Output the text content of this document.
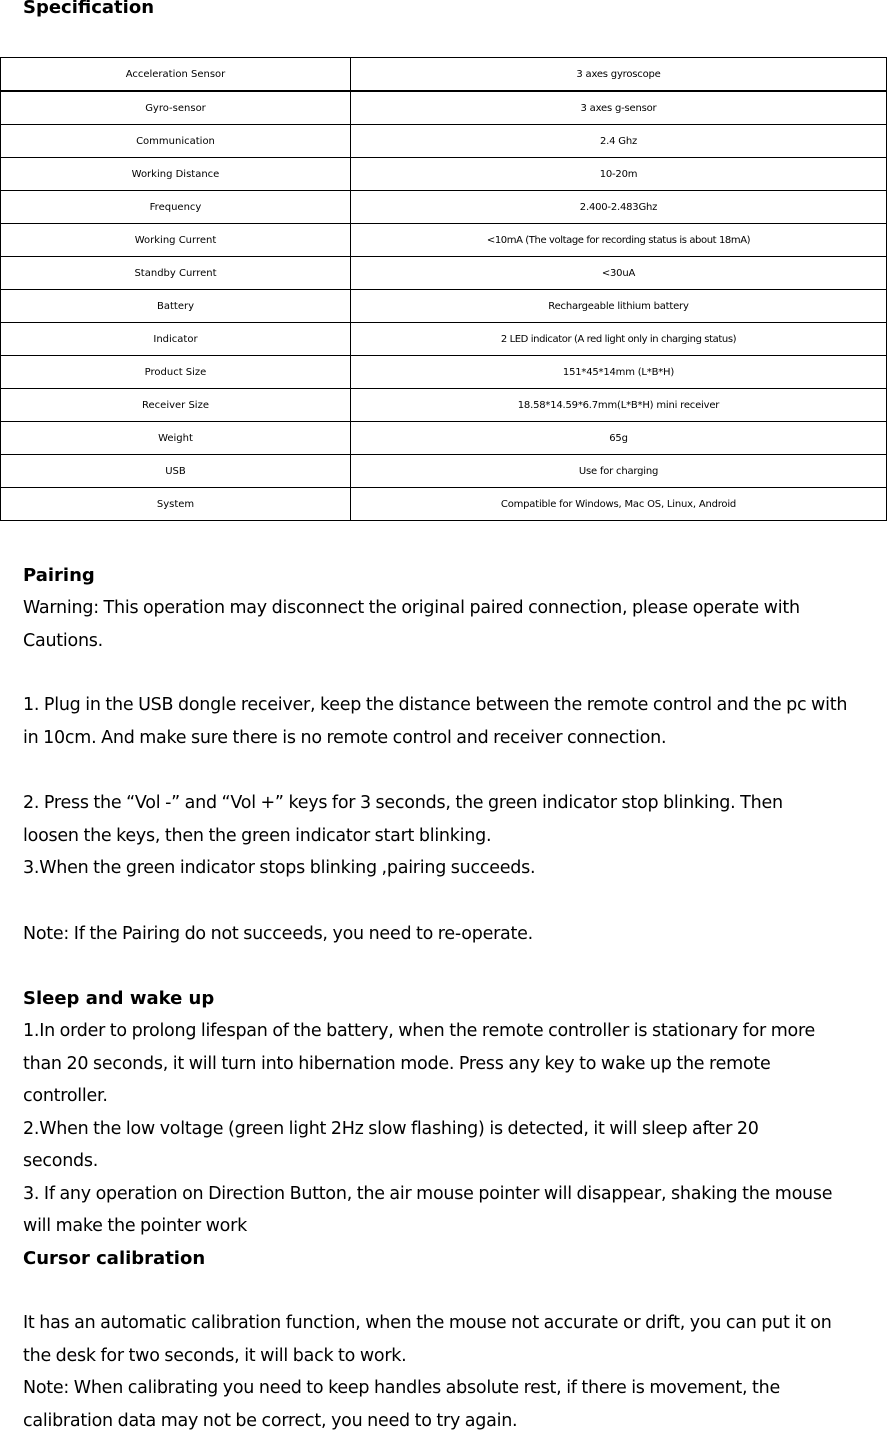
Specification
Acceleration Sensor	3 axes gyroscope
Gyro-sensor	3 axes g-sensor
Communication	2.4 Ghz
Working Distance	10-20m
Frequency	2.400-2.483Ghz
Working Current	<10mA (The voltage for recording status is about 18mA)
Standby Current	<30uA
Battery	Rechargeable lithium battery
Indicator	2 LED indicator (A red light only in charging status)
Product Size	151*45*14mm (L*B*H)
Receiver Size	18.58*14.59*6.7mm(L*B*H) mini receiver
Weight	65g
USB	Use for charging
System	Compatible for Windows, Mac OS, Linux, Android
Pairing
Warning: This operation may disconnect the original paired connection, please operate with
Cautions.
1. Plug in the USB dongle receiver, keep the distance between the remote control and the pc with
in 10cm. And make sure there is no remote control and receiver connection.
2. Press the “Vol -” and “Vol +” keys for 3 seconds, the green indicator stop blinking. Then
loosen the keys, then the green indicator start blinking.
3.When the green indicator stops blinking ,pairing succeeds.
Note: If the Pairing do not succeeds, you need to re-operate.
Sleep and wake up
1.In order to prolong lifespan of the battery, when the remote controller is stationary for more
than 20 seconds, it will turn into hibernation mode. Press any key to wake up the remote
controller.
2.When the low voltage (green light 2Hz slow flashing) is detected, it will sleep after 20
seconds.
3. If any operation on Direction Button, the air mouse pointer will disappear, shaking the mouse
will make the pointer work
Cursor calibration
It has an automatic calibration function, when the mouse not accurate or drift, you can put it on
the desk for two seconds, it will back to work.
Note: When calibrating you need to keep handles absolute rest, if there is movement, the
calibration data may not be correct, you need to try again.
